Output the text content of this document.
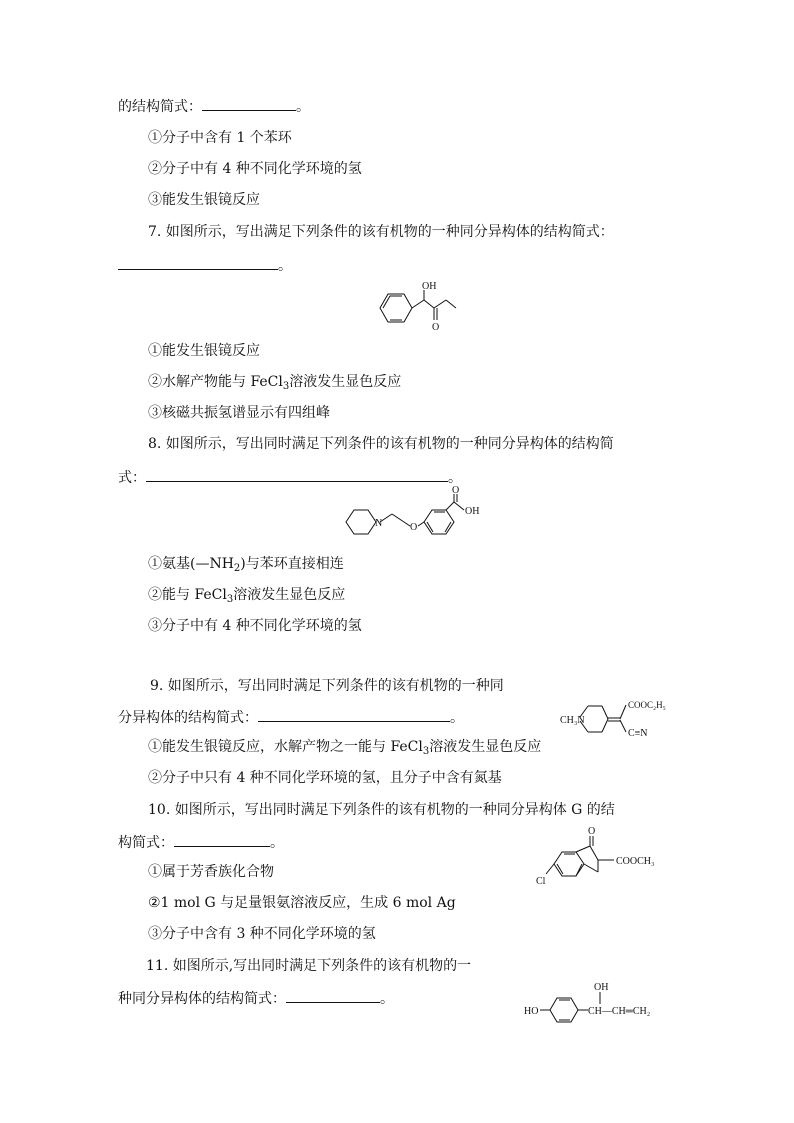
的结构简式：	。
①分子中含有 1 个苯环
②分子中有 4 种不同化学环境的氢
③能发生银镜反应
7. 如图所示，写出满足下列条件的该有机物的一种同分异构体的结构简式：
。
OH
O
①能发生银镜反应
②水解产物能与 FeCl$_3$溶液发生显色反应
③核磁共振氢谱显示有四组峰
8. 如图所示，写出同时满足下列条件的该有机物的一种同分异构体的结构简
式：	。
N	O
O
OH
①氨基$(—NH_2)$与苯环直接相连
②能与 FeCl$_3$溶液发生显色反应
③分子中有 4 种不同化学环境的氢
9. 如图所示，写出同时满足下列条件的该有机物的一种同
分异构体的结构简式：	。	CH₃N
COOC₂H₅
C≡N
①能发生银镜反应，水解产物之一能与 FeCl$_3$溶液发生显色反应
②分子中只有 4 种不同化学环境的氢，且分子中含有氮基
10. 如图所示，写出同时满足下列条件的该有机物的一种同分异构体 G 的结
构简式：	。
O
COOCH₃
Cl
①属于芳香族化合物
②1 mol G 与足量银氨溶液反应，生成 6 mol Ag
③分子中含有 3 种不同化学环境的氢
11. 如图所示,写出同时满足下列条件的该有机物的一
种同分异构体的结构简式：	。
HO
OH
CH—CH═CH₂
